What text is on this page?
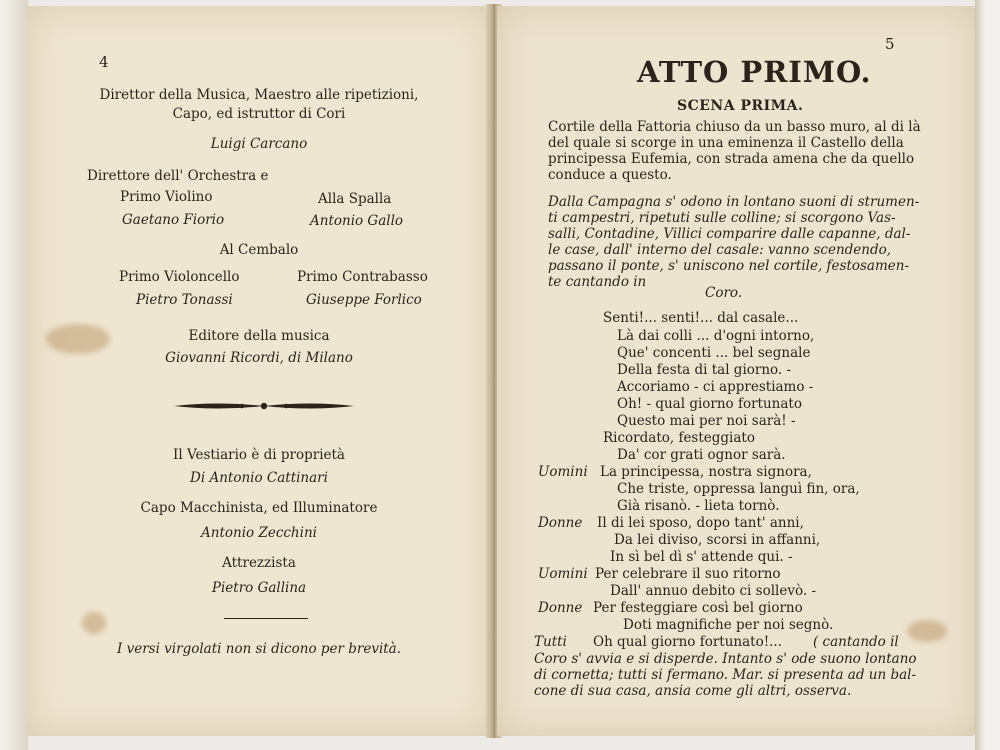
4
Direttor della Musica, Maestro alle ripetizioni,
Capo, ed istruttor di Cori
Luigi Carcano
Direttore dell' Orchestra e
Primo Violino
Gaetano Fiorio
Alla Spalla
Antonio Gallo
Al Cembalo
Primo Violoncello
Pietro Tonassi
Primo Contrabasso
Giuseppe Forlico
Editore della musica
Giovanni Ricordi, di Milano
Il Vestiario è di proprietà
Di Antonio Cattinari
Capo Macchinista, ed Illuminatore
Antonio Zecchini
Attrezzista
Pietro Gallina
I versi virgolati non si dicono per brevità.
5
ATTO PRIMO.
SCENA PRIMA.
Cortile della Fattoria chiuso da un basso muro, al di là
del quale si scorge in una eminenza il Castello della
principessa Eufemia, con strada amena che da quello
conduce a questo.
Dalla Campagna s' odono in lontano suoni di strumen-
ti campestri, ripetuti sulle colline; si scorgono Vas-
salli, Contadine, Villici comparire dalle capanne, dal-
le case, dall' interno del casale: vanno scendendo,
passano il ponte, s' uniscono nel cortile, festosamen-
te cantando in
Coro.
Senti!... senti!... dal casale...
Là dai colli ... d'ogni intorno,
Que' concenti ... bel segnale
Della festa di tal giorno. -
Accoriamo - ci apprestiamo -
Oh! - qual giorno fortunato
Questo mai per noi sarà! -
Ricordato, festeggiato
Da' cor grati ognor sarà.
Uomini La principessa, nostra signora,
Che triste, oppressa languì fin, ora,
Già risanò. - lieta tornò.
Donne Il di lei sposo, dopo tant' anni,
Da lei diviso, scorsi in affanni,
In sì bel dì s' attende qui. -
Uomini Per celebrare il suo ritorno
Dall' annuo debito ci sollevò. -
Donne Per festeggiare così bel giorno
Doti magnifiche per noi segnò.
Tutti Oh qual giorno fortunato!... ( cantando il
Coro s' avvia e si disperde. Intanto s' ode suono lontano
di cornetta; tutti si fermano. Mar. si presenta ad un bal-
cone di sua casa, ansia come gli altri, osserva.
